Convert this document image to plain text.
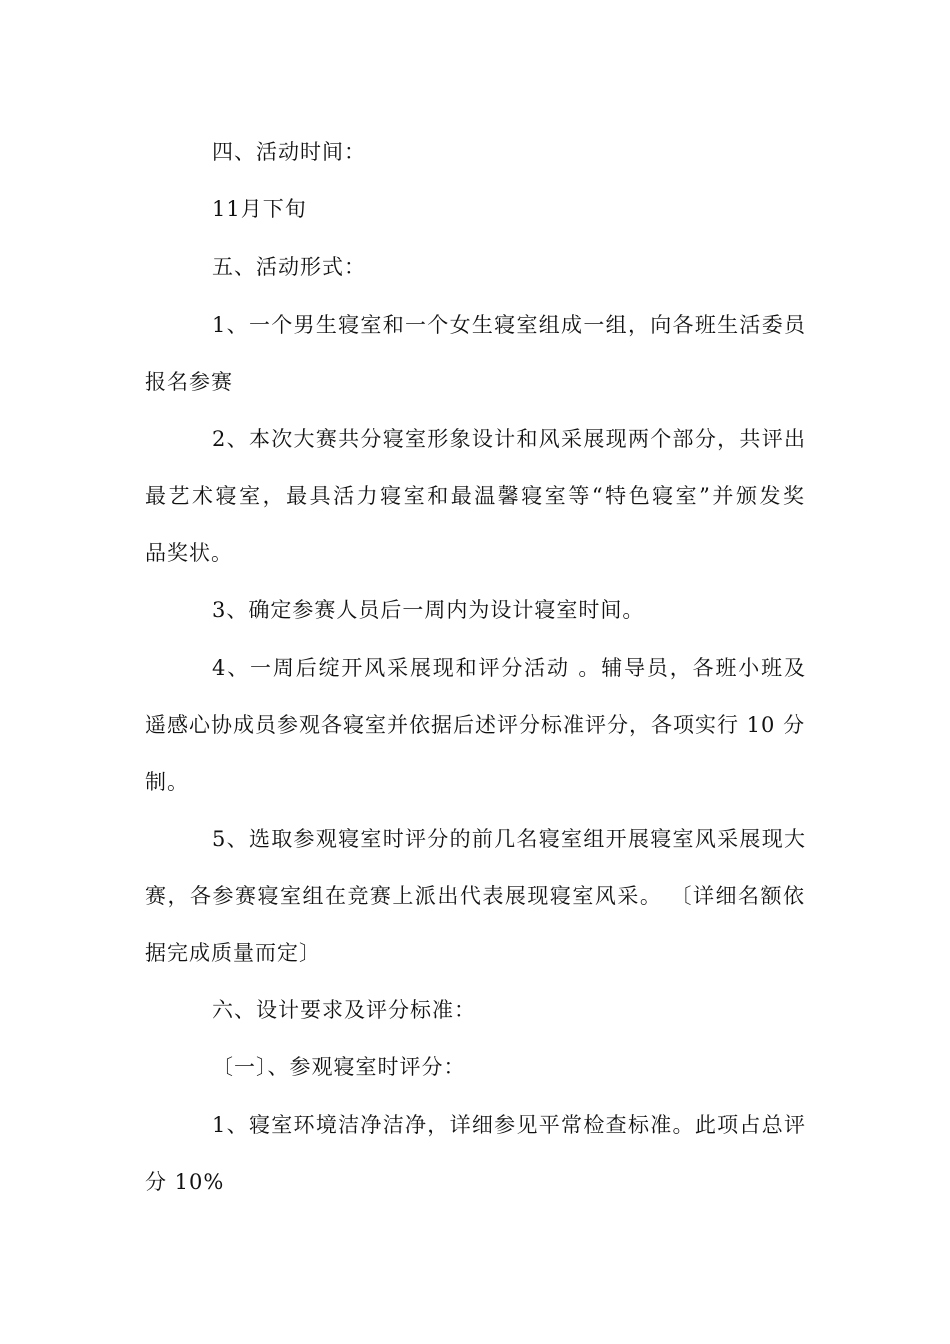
四、活动时间：
11月下旬
五、活动形式：
1、一个男生寝室和一个女生寝室组成一组，向各班生活委员
报名参赛
2、本次大赛共分寝室形象设计和风采展现两个部分，共评出
最艺术寝室，最具活力寝室和最温馨寝室等“特色寝室”并颁发奖
品奖状。
3、确定参赛人员后一周内为设计寝室时间。
4、一周后绽开风采展现和评分活动 。辅导员，各班小班及
遥感心协成员参观各寝室并依据后述评分标准评分，各项实行 10 分
制。
5、选取参观寝室时评分的前几名寝室组开展寝室风采展现大
赛，各参赛寝室组在竞赛上派出代表展现寝室风采。 〔详细名额依
据完成质量而定〕
六、设计要求及评分标准：
〔一〕、参观寝室时评分：
1、寝室环境洁净洁净，详细参见平常检查标准。此项占总评
分 10%
